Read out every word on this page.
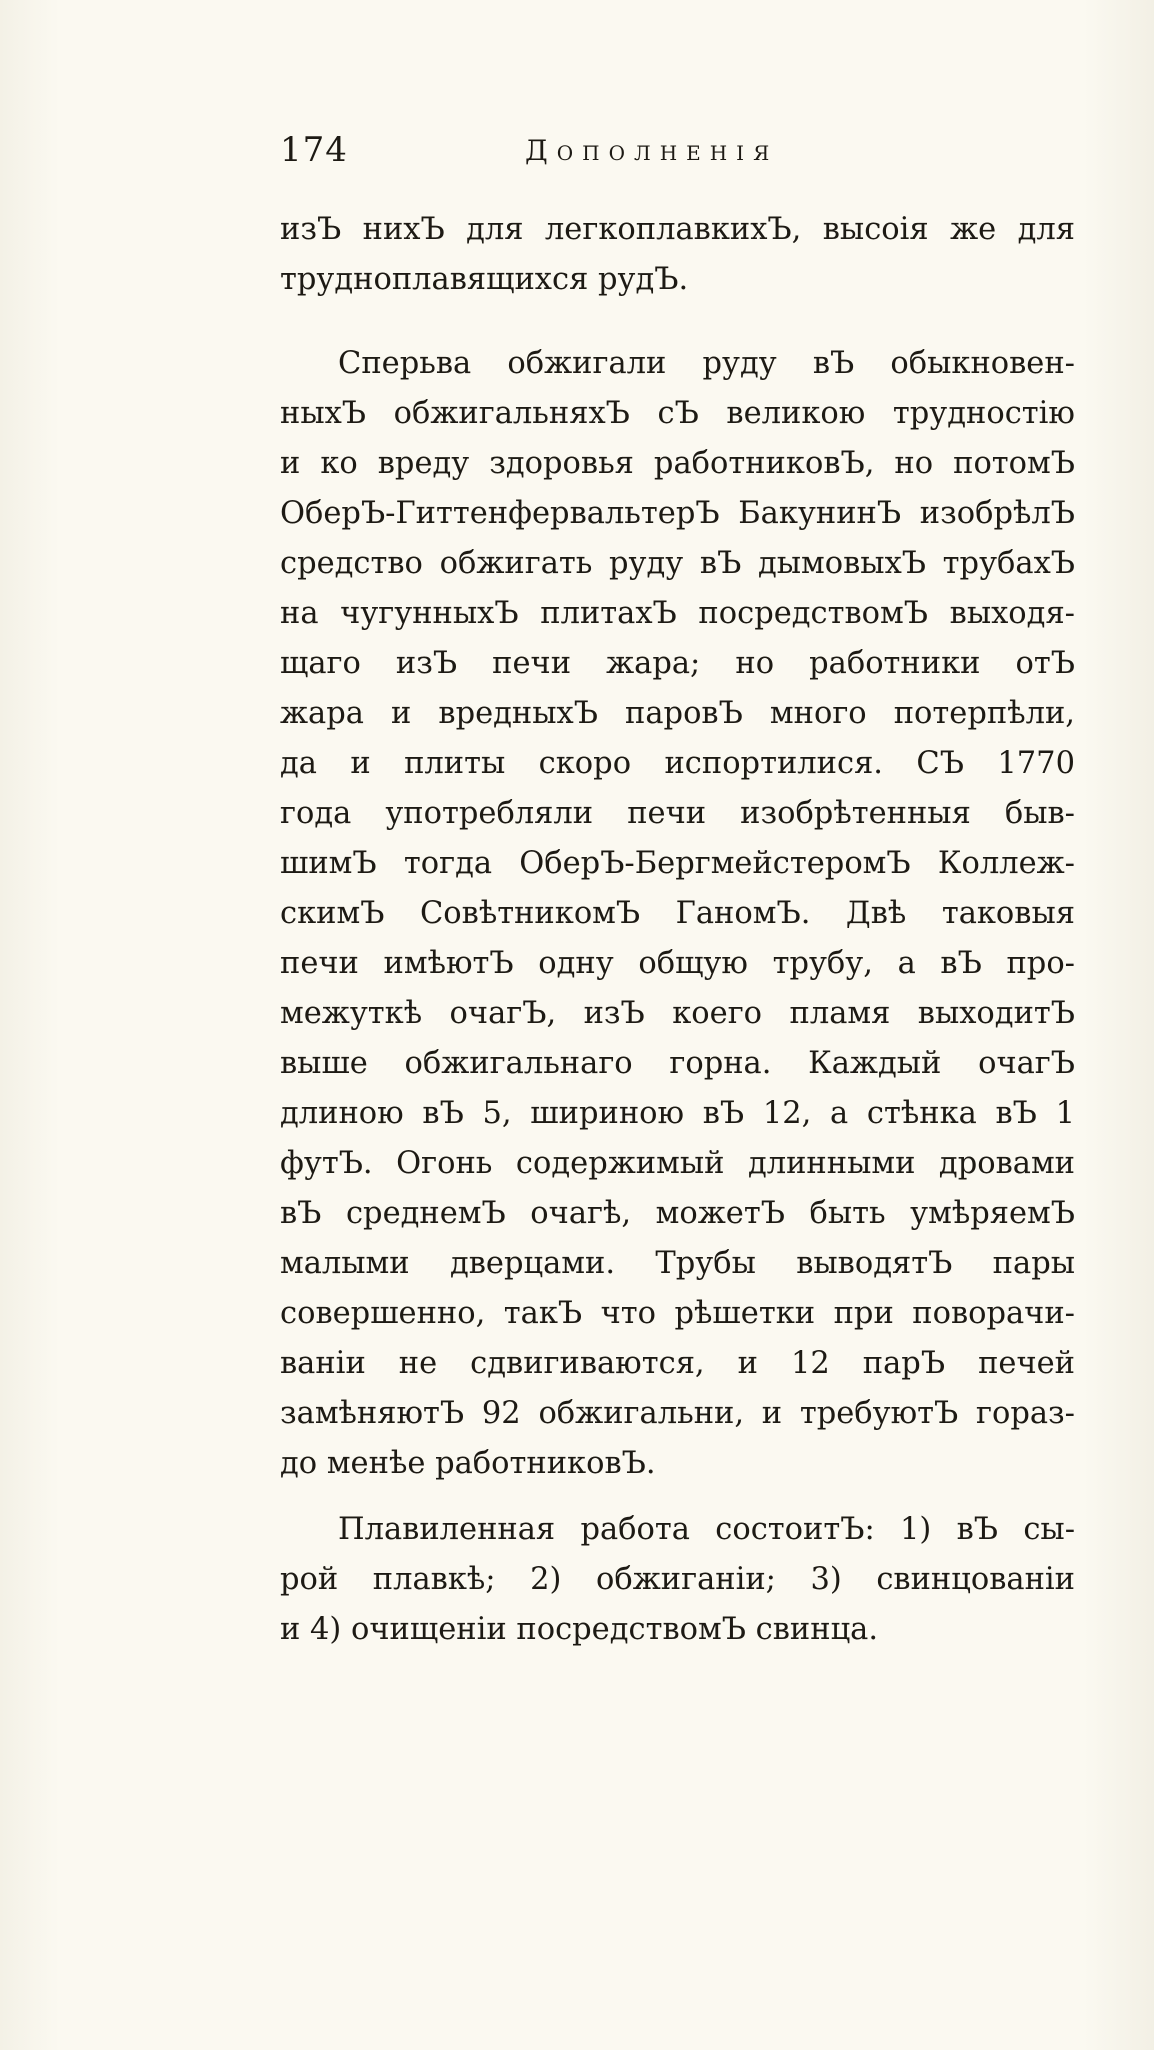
174	Дополненія
изЪ нихЪ для легкоплавкихЪ, высоія же для
трудноплавящихся рудЪ.
Сперьва обжигали руду вЪ обыкновен-
ныхЪ обжигальняхЪ сЪ великою трудностію
и ко вреду здоровья работниковЪ, но потомЪ
ОберЪ-ГиттенфервальтерЪ БакунинЪ изобрѣлЪ
средство обжигать руду вЪ дымовыхЪ трубахЪ
на чугунныхЪ плитахЪ посредствомЪ выходя-
щаго изЪ печи жара; но работники отЪ
жара и вредныхЪ паровЪ много потерпѣли,
да и плиты скоро испортилися. СЪ 1770
года употребляли печи изобрѣтенныя быв-
шимЪ тогда ОберЪ-БергмейстеромЪ Коллеж-
скимЪ СовѣтникомЪ ГаномЪ. Двѣ таковыя
печи имѣютЪ одну общую трубу, а вЪ про-
межуткѣ очагЪ, изЪ коего пламя выходитЪ
выше обжигальнаго горна. Каждый очагЪ
длиною вЪ 5, шириною вЪ 12, а стѣнка вЪ 1
футЪ. Огонь содержимый длинными дровами
вЪ среднемЪ очагѣ, можетЪ быть умѣряемЪ
малыми дверцами. Трубы выводятЪ пары
совершенно, такЪ что рѣшетки при поворачи-
ваніи не сдвигиваются, и 12 парЪ печей
замѣняютЪ 92 обжигальни, и требуютЪ горaз-
до менѣе работниковЪ.
Плавиленная работа состоитЪ: 1) вЪ сы-
рой плавкѣ; 2) обжиганіи; 3) свинцованіи
и 4) очищеніи посредствомЪ свинца.
